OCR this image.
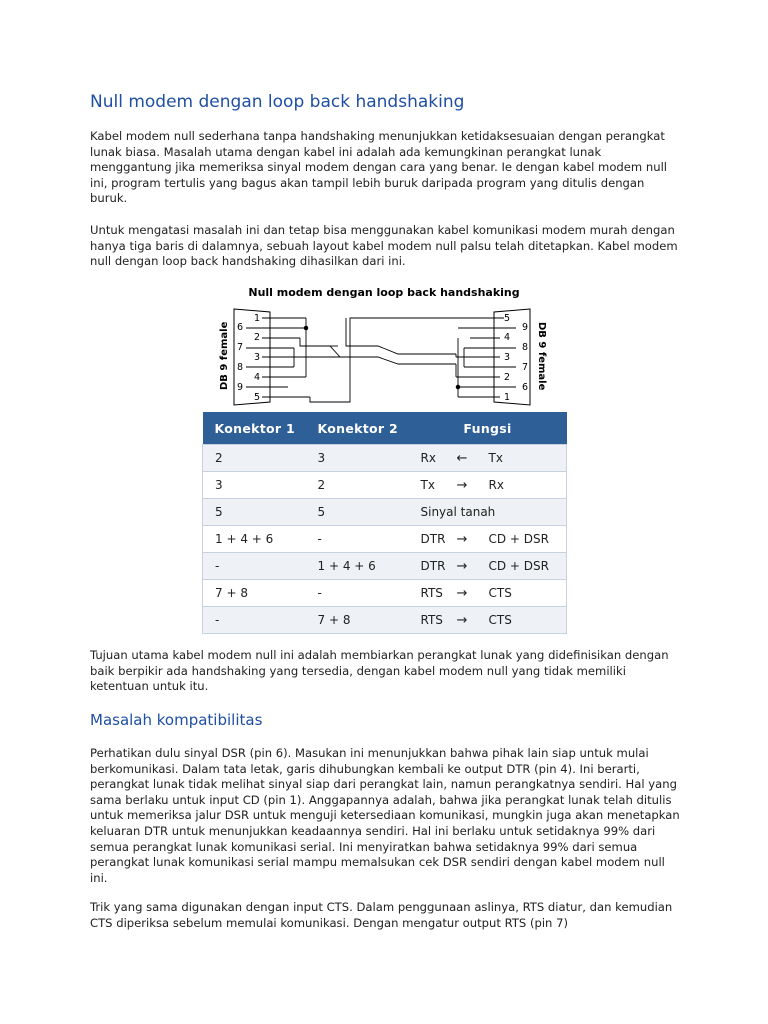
Null modem dengan loop back handshaking

Kabel modem null sederhana tanpa handshaking menunjukkan ketidaksesuaian dengan perangkat lunak biasa. Masalah utama dengan kabel ini adalah ada kemungkinan perangkat lunak menggantung jika memeriksa sinyal modem dengan cara yang benar. Ie dengan kabel modem null ini, program tertulis yang bagus akan tampil lebih buruk daripada program yang ditulis dengan buruk.

Untuk mengatasi masalah ini dan tetap bisa menggunakan kabel komunikasi modem murah dengan hanya tiga baris di dalamnya, sebuah layout kabel modem null palsu telah ditetapkan. Kabel modem null dengan loop back handshaking dihasilkan dari ini.

Null modem dengan loop back handshaking
DB 9 female	DB 9 female
1
6
2
7
3
8
4
9
5
5
9
4
8
3
7
2
6
1
Konektor 1	Konektor 2	Fungsi
2	3	Rx ← Tx
3	2	Tx → Rx
5	5	Sinyal tanah
1 + 4 + 6	-	DTR → CD + DSR
-	1 + 4 + 6	DTR → CD + DSR
7 + 8	-	RTS → CTS
-	7 + 8	RTS → CTS

Tujuan utama kabel modem null ini adalah membiarkan perangkat lunak yang didefinisikan dengan baik berpikir ada handshaking yang tersedia, dengan kabel modem null yang tidak memiliki ketentuan untuk itu.

Masalah kompatibilitas

Perhatikan dulu sinyal DSR (pin 6). Masukan ini menunjukkan bahwa pihak lain siap untuk mulai berkomunikasi. Dalam tata letak, garis dihubungkan kembali ke output DTR (pin 4). Ini berarti, perangkat lunak tidak melihat sinyal siap dari perangkat lain, namun perangkatnya sendiri. Hal yang sama berlaku untuk input CD (pin 1). Anggapannya adalah, bahwa jika perangkat lunak telah ditulis untuk memeriksa jalur DSR untuk menguji ketersediaan komunikasi, mungkin juga akan menetapkan keluaran DTR untuk menunjukkan keadaannya sendiri. Hal ini berlaku untuk setidaknya 99% dari semua perangkat lunak komunikasi serial. Ini menyiratkan bahwa setidaknya 99% dari semua perangkat lunak komunikasi serial mampu memalsukan cek DSR sendiri dengan kabel modem null ini.

Trik yang sama digunakan dengan input CTS. Dalam penggunaan aslinya, RTS diatur, dan kemudian CTS diperiksa sebelum memulai komunikasi. Dengan mengatur output RTS (pin 7)
